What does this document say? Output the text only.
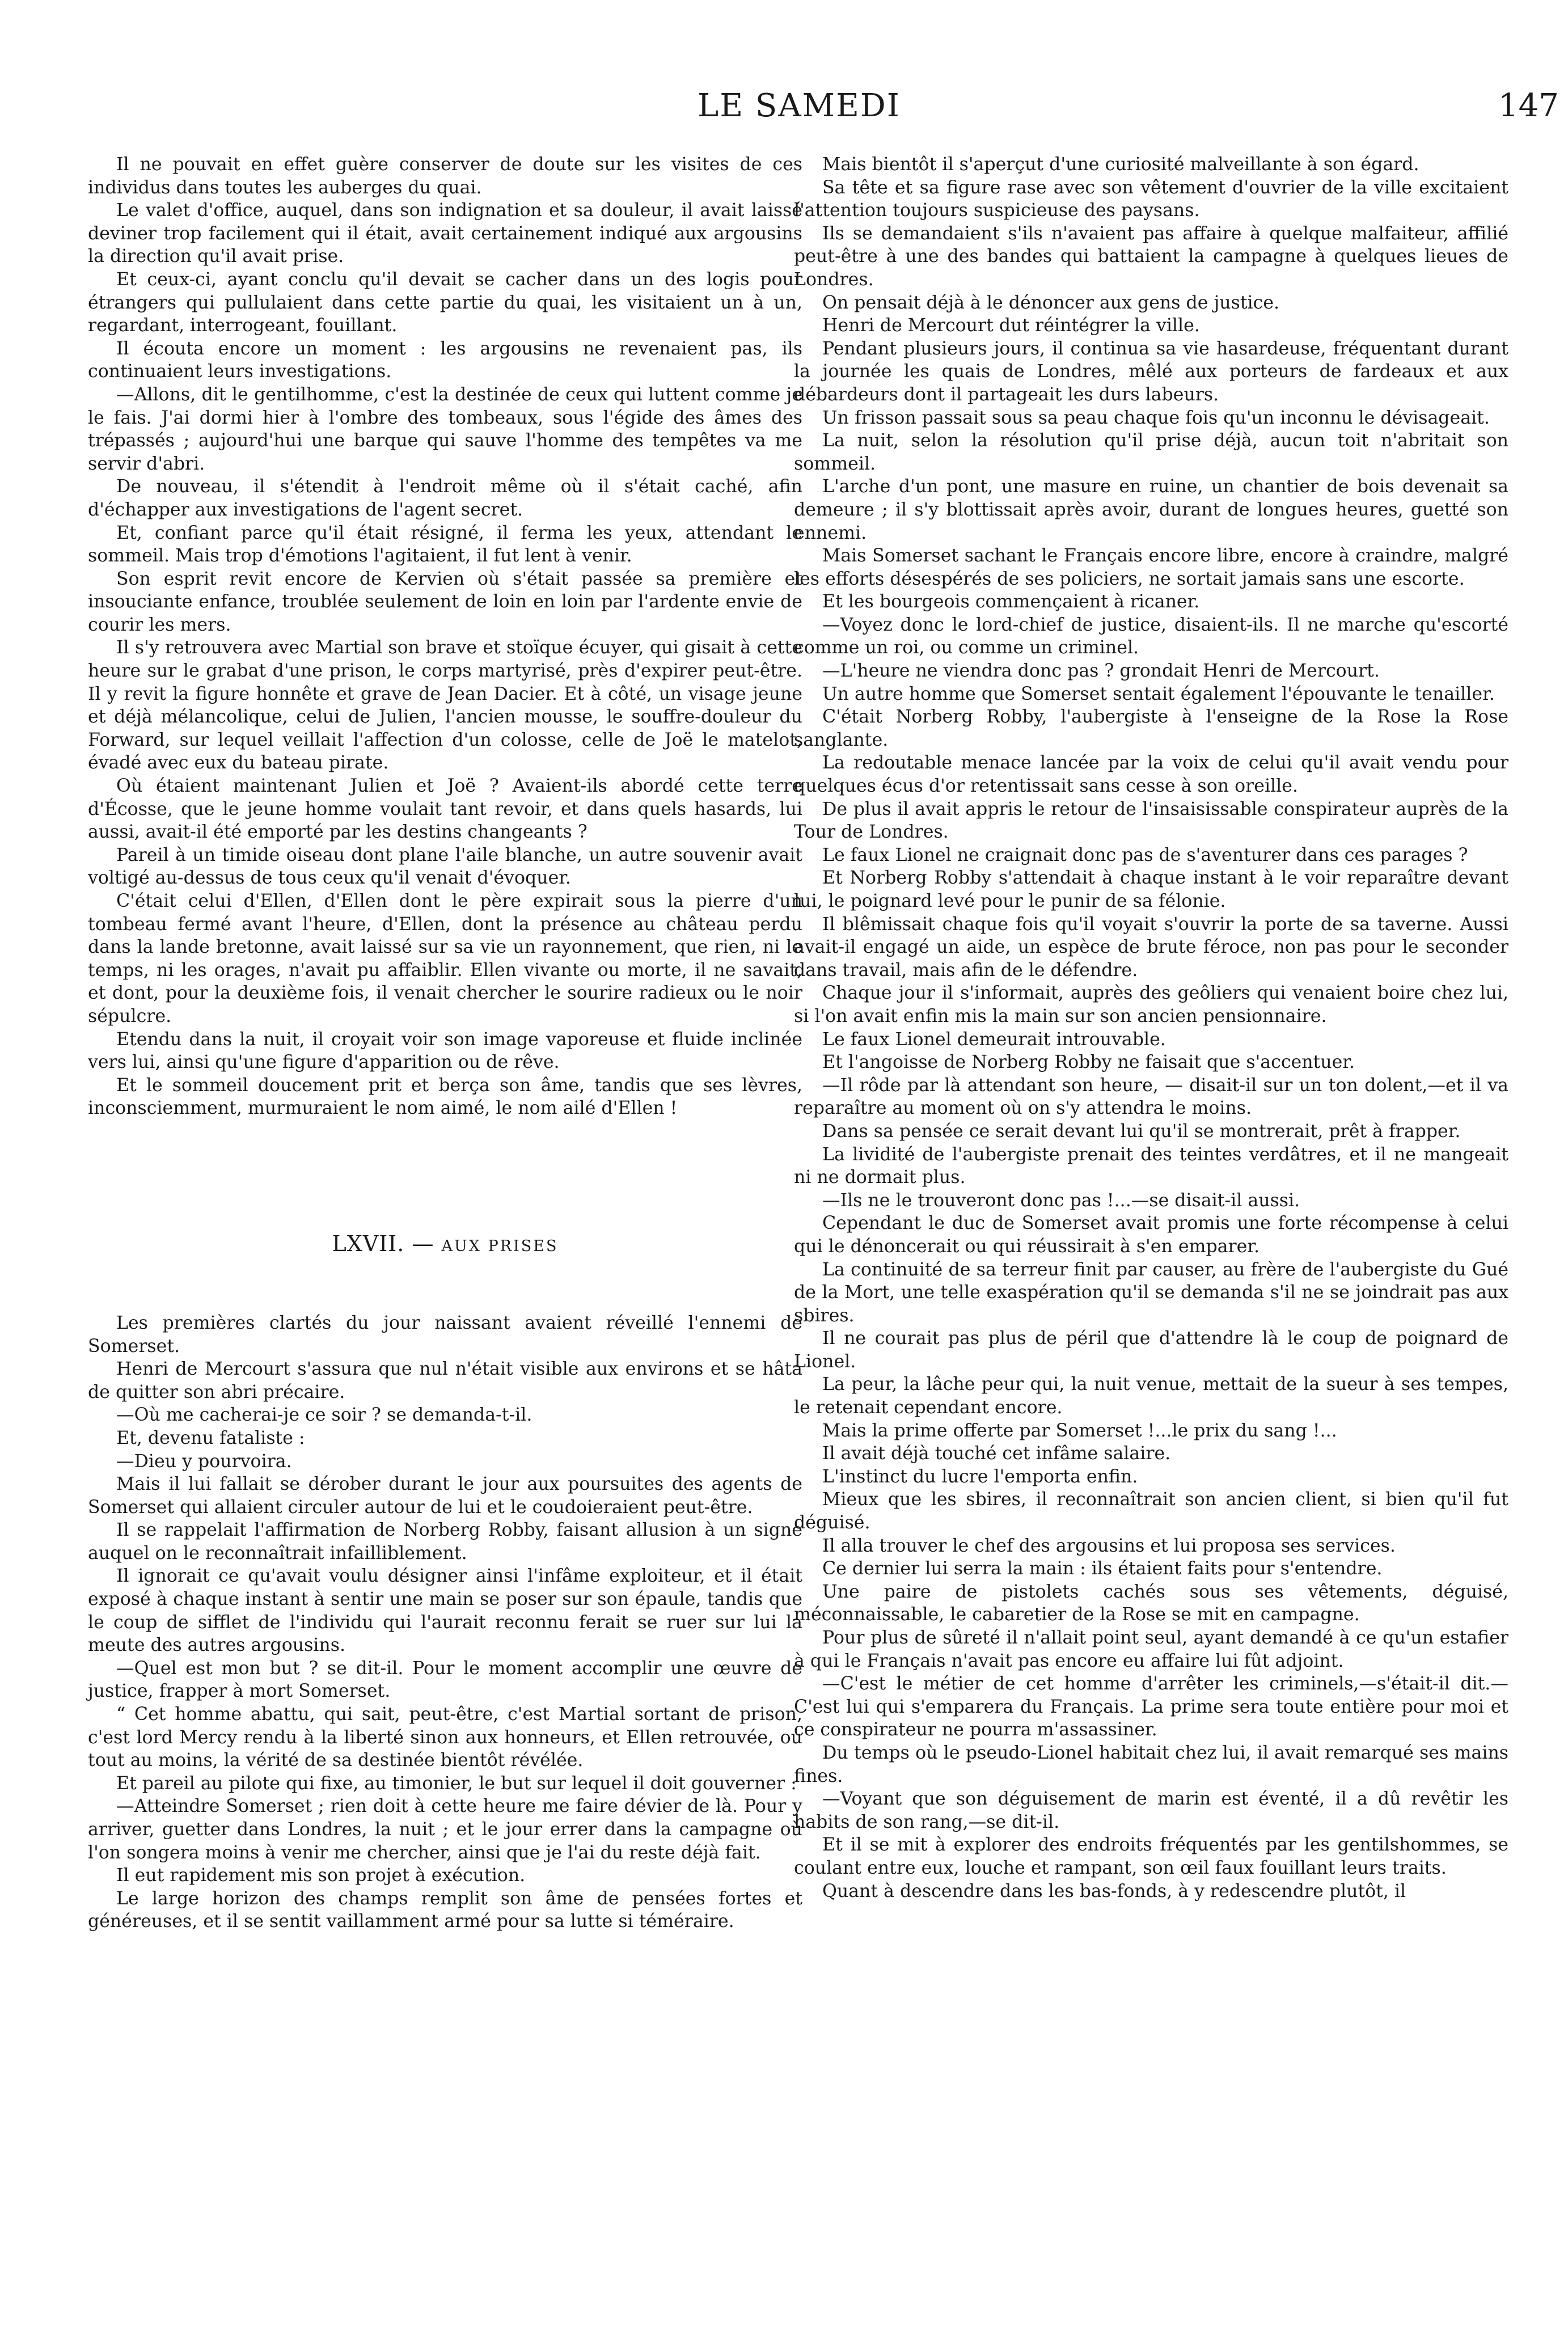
LE SAMEDI	147

Il ne pouvait en effet guère conserver de doute sur les visites de ces individus dans toutes les auberges du quai.

Le valet d'office, auquel, dans son indignation et sa douleur, il avait laissé deviner trop facilement qui il était, avait certainement indiqué aux argousins la direction qu'il avait prise.

Et ceux-ci, ayant conclu qu'il devait se cacher dans un des logis pour étrangers qui pullulaient dans cette partie du quai, les visitaient un à un, regardant, interrogeant, fouillant.

Il écouta encore un moment : les argousins ne revenaient pas, ils continuaient leurs investigations.

—Allons, dit le gentilhomme, c'est la destinée de ceux qui luttent comme je le fais. J'ai dormi hier à l'ombre des tombeaux, sous l'égide des âmes des trépassés ; aujourd'hui une barque qui sauve l'homme des tempêtes va me servir d'abri.

De nouveau, il s'étendit à l'endroit même où il s'était caché, afin d'échapper aux investigations de l'agent secret.

Et, confiant parce qu'il était résigné, il ferma les yeux, attendant le sommeil. Mais trop d'émotions l'agitaient, il fut lent à venir.

Son esprit revit encore de Kervien où s'était passée sa première et insouciante enfance, troublée seulement de loin en loin par l'ardente envie de courir les mers.

Il s'y retrouvera avec Martial son brave et stoïque écuyer, qui gisait à cette heure sur le grabat d'une prison, le corps martyrisé, près d'expirer peut-être. Il y revit la figure honnête et grave de Jean Dacier. Et à côté, un visage jeune et déjà mélancolique, celui de Julien, l'ancien mousse, le souffre-douleur du Forward, sur lequel veillait l'affection d'un colosse, celle de Joë le matelot, évadé avec eux du bateau pirate.

Où étaient maintenant Julien et Joë ? Avaient-ils abordé cette terre d'Écosse, que le jeune homme voulait tant revoir, et dans quels hasards, lui aussi, avait-il été emporté par les destins changeants ?

Pareil à un timide oiseau dont plane l'aile blanche, un autre souvenir avait voltigé au-dessus de tous ceux qu'il venait d'évoquer.

C'était celui d'Ellen, d'Ellen dont le père expirait sous la pierre d'un tombeau fermé avant l'heure, d'Ellen, dont la présence au château perdu dans la lande bretonne, avait laissé sur sa vie un rayonnement, que rien, ni le temps, ni les orages, n'avait pu affaiblir. Ellen vivante ou morte, il ne savait, et dont, pour la deuxième fois, il venait chercher le sourire radieux ou le noir sépulcre.

Etendu dans la nuit, il croyait voir son image vaporeuse et fluide inclinée vers lui, ainsi qu'une figure d'apparition ou de rêve.

Et le sommeil doucement prit et berça son âme, tandis que ses lèvres, inconsciemment, murmuraient le nom aimé, le nom ailé d'Ellen !

LXVII. — AUX PRISES

Les premières clartés du jour naissant avaient réveillé l'ennemi de Somerset.

Henri de Mercourt s'assura que nul n'était visible aux environs et se hâta de quitter son abri précaire.

—Où me cacherai-je ce soir ? se demanda-t-il.

Et, devenu fataliste :

—Dieu y pourvoira.

Mais il lui fallait se dérober durant le jour aux poursuites des agents de Somerset qui allaient circuler autour de lui et le coudoieraient peut-être.

Il se rappelait l'affirmation de Norberg Robby, faisant allusion à un signe auquel on le reconnaîtrait infailliblement.

Il ignorait ce qu'avait voulu désigner ainsi l'infâme exploiteur, et il était exposé à chaque instant à sentir une main se poser sur son épaule, tandis que le coup de sifflet de l'individu qui l'aurait reconnu ferait se ruer sur lui la meute des autres argousins.

—Quel est mon but ? se dit-il. Pour le moment accomplir une œuvre de justice, frapper à mort Somerset.

“ Cet homme abattu, qui sait, peut-être, c'est Martial sortant de prison, c'est lord Mercy rendu à la liberté sinon aux honneurs, et Ellen retrouvée, ou tout au moins, la vérité de sa destinée bientôt révélée.

Et pareil au pilote qui fixe, au timonier, le but sur lequel il doit gouverner :

—Atteindre Somerset ; rien doit à cette heure me faire dévier de là. Pour y arriver, guetter dans Londres, la nuit ; et le jour errer dans la campagne où l'on songera moins à venir me chercher, ainsi que je l'ai du reste déjà fait.

Il eut rapidement mis son projet à exécution.

Le large horizon des champs remplit son âme de pensées fortes et généreuses, et il se sentit vaillamment armé pour sa lutte si téméraire.

Mais bientôt il s'aperçut d'une curiosité malveillante à son égard.

Sa tête et sa figure rase avec son vêtement d'ouvrier de la ville excitaient l'attention toujours suspicieuse des paysans.

Ils se demandaient s'ils n'avaient pas affaire à quelque malfaiteur, affilié peut-être à une des bandes qui battaient la campagne à quelques lieues de Londres.

On pensait déjà à le dénoncer aux gens de justice.

Henri de Mercourt dut réintégrer la ville.

Pendant plusieurs jours, il continua sa vie hasardeuse, fréquentant durant la journée les quais de Londres, mêlé aux porteurs de fardeaux et aux débardeurs dont il partageait les durs labeurs.

Un frisson passait sous sa peau chaque fois qu'un inconnu le dévisageait.

La nuit, selon la résolution qu'il prise déjà, aucun toit n'abritait son sommeil.

L'arche d'un pont, une masure en ruine, un chantier de bois devenait sa demeure ; il s'y blottissait après avoir, durant de longues heures, guetté son ennemi.

Mais Somerset sachant le Français encore libre, encore à craindre, malgré les efforts désespérés de ses policiers, ne sortait jamais sans une escorte.

Et les bourgeois commençaient à ricaner.

—Voyez donc le lord-chief de justice, disaient-ils. Il ne marche qu'escorté comme un roi, ou comme un criminel.

—L'heure ne viendra donc pas ? grondait Henri de Mercourt.

Un autre homme que Somerset sentait également l'épouvante le tenailler.

C'était Norberg Robby, l'aubergiste à l'enseigne de la Rose la Rose sanglante.

La redoutable menace lancée par la voix de celui qu'il avait vendu pour quelques écus d'or retentissait sans cesse à son oreille.

De plus il avait appris le retour de l'insaisissable conspirateur auprès de la Tour de Londres.

Le faux Lionel ne craignait donc pas de s'aventurer dans ces parages ?

Et Norberg Robby s'attendait à chaque instant à le voir reparaître devant lui, le poignard levé pour le punir de sa félonie.

Il blêmissait chaque fois qu'il voyait s'ouvrir la porte de sa taverne. Aussi avait-il engagé un aide, un espèce de brute féroce, non pas pour le seconder dans travail, mais afin de le défendre.

Chaque jour il s'informait, auprès des geôliers qui venaient boire chez lui, si l'on avait enfin mis la main sur son ancien pensionnaire.

Le faux Lionel demeurait introuvable.

Et l'angoisse de Norberg Robby ne faisait que s'accentuer.

—Il rôde par là attendant son heure, — disait-il sur un ton dolent,—et il va reparaître au moment où on s'y attendra le moins.

Dans sa pensée ce serait devant lui qu'il se montrerait, prêt à frapper.

La lividité de l'aubergiste prenait des teintes verdâtres, et il ne mangeait ni ne dormait plus.

—Ils ne le trouveront donc pas !...—se disait-il aussi.

Cependant le duc de Somerset avait promis une forte récompense à celui qui le dénoncerait ou qui réussirait à s'en emparer.

La continuité de sa terreur finit par causer, au frère de l'aubergiste du Gué de la Mort, une telle exaspération qu'il se demanda s'il ne se joindrait pas aux sbires.

Il ne courait pas plus de péril que d'attendre là le coup de poignard de Lionel.

La peur, la lâche peur qui, la nuit venue, mettait de la sueur à ses tempes, le retenait cependant encore.

Mais la prime offerte par Somerset !...le prix du sang !...

Il avait déjà touché cet infâme salaire.

L'instinct du lucre l'emporta enfin.

Mieux que les sbires, il reconnaîtrait son ancien client, si bien qu'il fut déguisé.

Il alla trouver le chef des argousins et lui proposa ses services.

Ce dernier lui serra la main : ils étaient faits pour s'entendre.

Une paire de pistolets cachés sous ses vêtements, déguisé, méconnaissable, le cabaretier de la Rose se mit en campagne.

Pour plus de sûreté il n'allait point seul, ayant demandé à ce qu'un estafier à qui le Français n'avait pas encore eu affaire lui fût adjoint.

—C'est le métier de cet homme d'arrêter les criminels,—s'était-il dit.—C'est lui qui s'emparera du Français. La prime sera toute entière pour moi et ce conspirateur ne pourra m'assassiner.

Du temps où le pseudo-Lionel habitait chez lui, il avait remarqué ses mains fines.

—Voyant que son déguisement de marin est éventé, il a dû revêtir les habits de son rang,—se dit-il.

Et il se mit à explorer des endroits fréquentés par les gentilshommes, se coulant entre eux, louche et rampant, son œil faux fouillant leurs traits.

Quant à descendre dans les bas-fonds, à y redescendre plutôt, il
